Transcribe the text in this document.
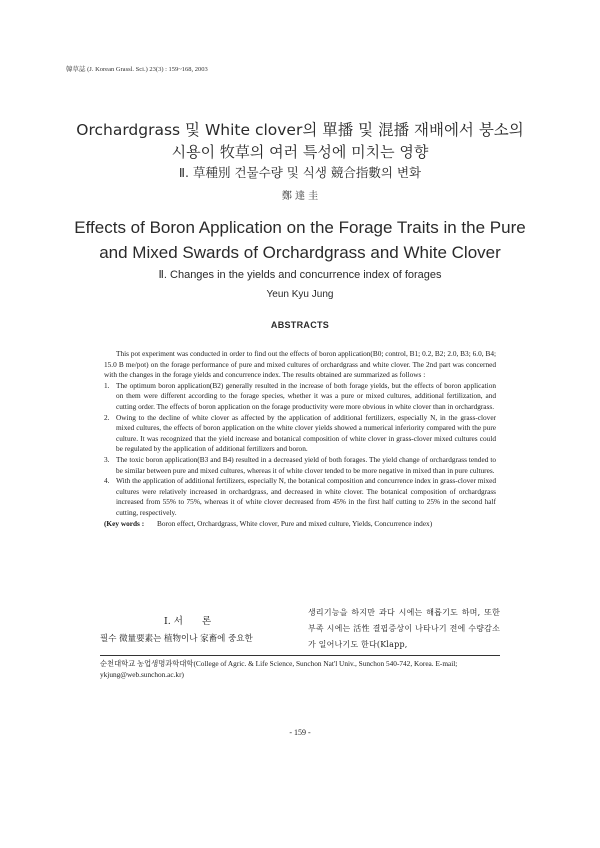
韓草誌 (J. Korean Grassl. Sci.) 23(3) : 159~168, 2003
Orchardgrass 및 White clover의 單播 및 混播 재배에서 붕소의
시용이 牧草의 여러 특성에 미치는 영향
Ⅱ. 草種別 건물수량 및 식생 競合指數의 변화
鄭 達 圭
Effects of Boron Application on the Forage Traits in the Pure
and Mixed Swards of Orchardgrass and White Clover
Ⅱ. Changes in the yields and concurrence index of forages
Yeun Kyu Jung
ABSTRACTS

This pot experiment was conducted in order to find out the effects of boron application(B0; control, B1; 0.2, B2; 2.0, B3; 6.0, B4; 15.0 B me/pot) on the forage performance of pure and mixed cultures of orchardgrass and white clover. The 2nd part was concerned with the changes in the forage yields and concurrence index. The results obtained are summarized as follows :

1. The optimum boron application(B2) generally resulted in the increase of both forage yields, but the effects of boron application on them were different according to the forage species, whether it was a pure or mixed cultures, additional fertilization, and cutting order. The effects of boron application on the forage productivity were more obvious in white clover than in orchardgrass.
2. Owing to the decline of white clover as affected by the application of additional fertilizers, especially N, in the grass-clover mixed cultures, the effects of boron application on the white clover yields showed a numerical inferiority compared with the pure culture. It was recognized that the yield increase and botanical composition of white clover in grass-clover mixed cultures could be regulated by the application of additional fertilizers and boron.
3. The toxic boron application(B3 and B4) resulted in a decreased yield of both forages. The yield change of orchardgrass tended to be similar between pure and mixed cultures, whereas it of white clover tended to be more negative in mixed than in pure cultures.
4. With the application of additional fertilizers, especially N, the botanical composition and concurrence index in grass-clover mixed cultures were relatively increased in orchardgrass, and decreased in white clover. The botanical composition of orchardgrass increased from 55% to 75%, whereas it of white clover decreased from 45% in the first half cutting to 25% in the second half cutting, respectively.
(Key words : Boron effect, Orchardgrass, White clover, Pure and mixed culture, Yields, Concurrence index)
Ⅰ. 서　　론
필수 微量要素는 植物이나 家畜에 중요한
생리기능을 하지만 과다 시에는 해롭기도 하며, 또한 부족 시에는 活性 결핍증상이 나타나기 전에 수량감소가 일어나기도 한다(Klapp,
순천대학교 농업생명과학대학(College of Agric. & Life Science, Sunchon Nat'l Univ., Sunchon 540-742, Korea. E-mail; ykjung@web.sunchon.ac.kr)
- 159 -
